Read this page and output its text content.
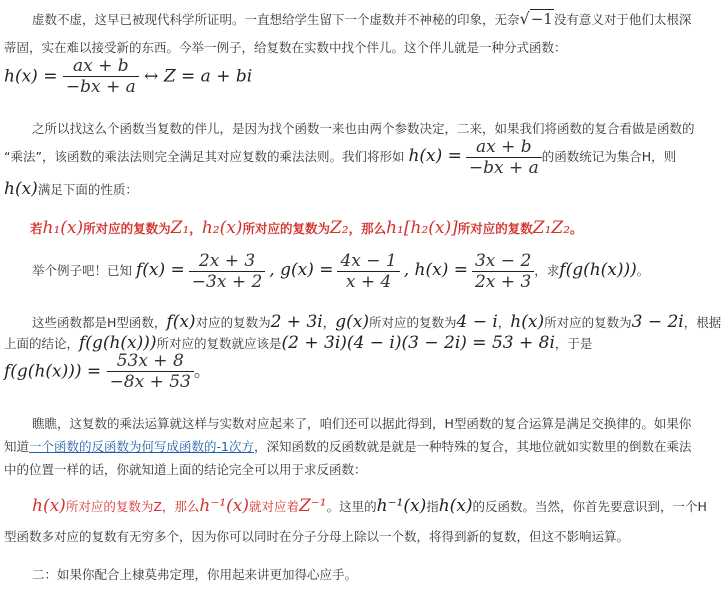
虚数不虚，这早已被现代科学所证明。一直想给学生留下一个虚数并不神秘的印象，无奈√−1没有意义对于他们太根深
蒂固，实在难以接受新的东西。今举一例子，给复数在实数中找个伴儿。这个伴儿就是一种分式函数：
$h(x) = \frac{ax + b}{-bx + a}$ ↔ Z = a + bi
之所以找这么个函数当复数的伴儿，是因为找个函数一来也由两个参数决定，二来，如果我们将函数的复合看做是函数的
“乘法”，该函数的乘法法则完全满足其对应复数的乘法法则。我们将形如 $h(x) = \frac{ax + b}{-bx + a}$ 的函数统记为集合H，则
h(x)满足下面的性质：
若h₁(x)所对应的复数为Z₁，h₂(x)所对应的复数为Z₂，那么h₁[h₂(x)]所对应的复数Z₁Z₂。
举个例子吧！已知 $f(x) = \frac{2x + 3}{-3x + 2}$ , $g(x) = \frac{4x - 1}{x + 4}$ , $h(x) = \frac{3x - 2}{2x + 3}$ ，求f(g(h(x)))。
这些函数都是H型函数，f(x)对应的复数为2 + 3i，g(x)所对应的复数为4 − i，h(x)所对应的复数为3 − 2i，根据
上面的结论，f(g(h(x)))所对应的复数就应该是(2 + 3i)(4 − i)(3 − 2i) = 53 + 8i，于是
$f(g(h(x))) = \frac{53x + 8}{-8x + 53}$ 。
瞧瞧，这复数的乘法运算就这样与实数对应起来了，咱们还可以据此得到，H型函数的复合运算是满足交换律的。如果你
知道一个函数的反函数为何写成函数的-1次方，深知函数的反函数就是就是一种特殊的复合，其地位就如实数里的倒数在乘法
中的位置一样的话，你就知道上面的结论完全可以用于求反函数：
h(x)所对应的复数为Z，那么h⁻¹(x)就对应着Z⁻¹。这里的h⁻¹(x)指h(x)的反函数。当然，你首先要意识到，一个H
型函数多对应的复数有无穷多个，因为你可以同时在分子分母上除以一个数，将得到新的复数，但这不影响运算。
二：如果你配合上棣莫弗定理，你用起来讲更加得心应手。
